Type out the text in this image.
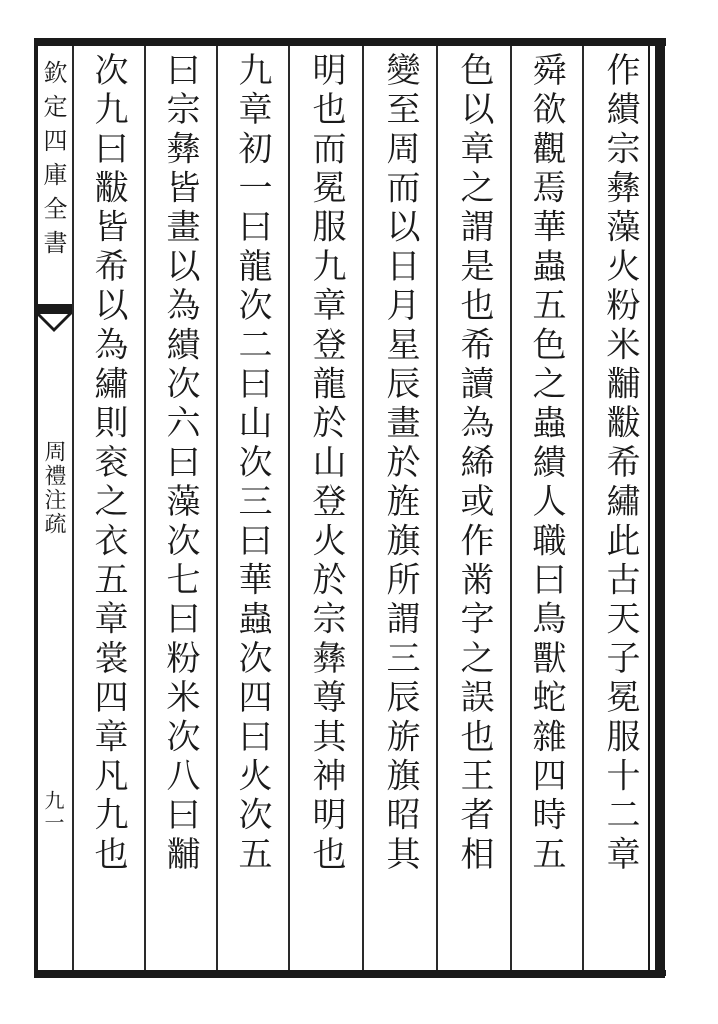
欽定四庫全書
周禮注疏
九一	作繢宗彝藻火粉米黼黻希繡此古天子冕服十二章
舜欲觀焉華蟲五色之蟲繢人職曰鳥獸蛇雜四時五
色以章之謂是也希讀為絺或作黹字之誤也王者相
變至周而以日月星辰畫於旌旗所謂三辰旂旗昭其
明也而冕服九章登龍於山登火於宗彝尊其神明也
九章初一曰龍次二曰山次三曰華蟲次四曰火次五
曰宗彝皆畫以為繢次六曰藻次七曰粉米次八曰黼
次九曰黻皆希以為繡則衮之衣五章裳四章凡九也
